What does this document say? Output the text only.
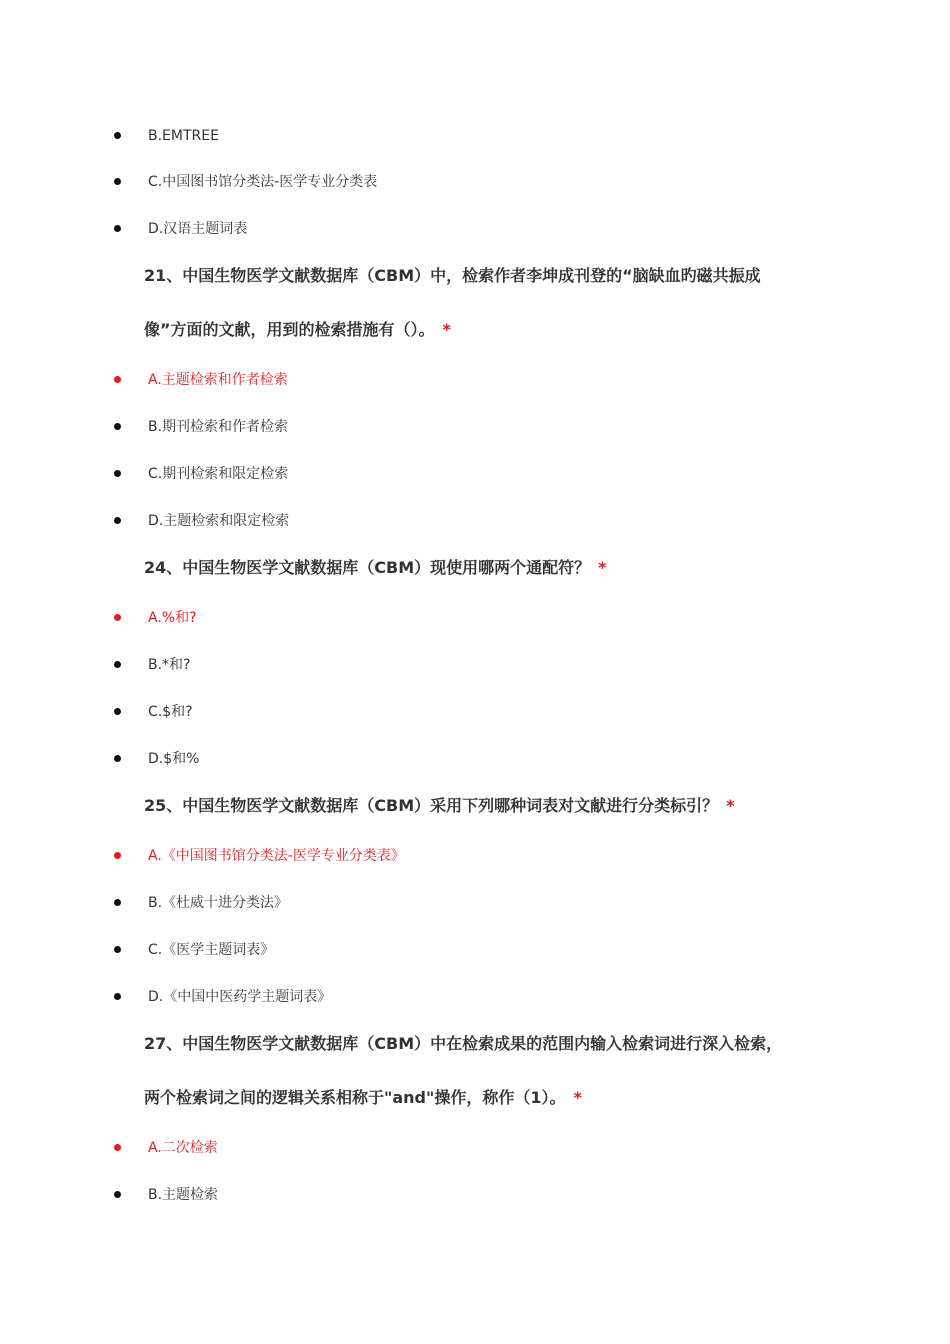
B.EMTREE
C.中国图书馆分类法-医学专业分类表
D.汉语主题词表
21、中国生物医学文献数据库（CBM）中，检索作者李坤成刊登的“脑缺血旳磁共振成
像”方面的文献，用到的检索措施有（）。 *
A.主题检索和作者检索
B.期刊检索和作者检索
C.期刊检索和限定检索
D.主题检索和限定检索
24、中国生物医学文献数据库（CBM）现使用哪两个通配符？ *
A.%和?
B.*和?
C.$和?
D.$和%
25、中国生物医学文献数据库（CBM）采用下列哪种词表对文献进行分类标引？ *
A.《中国图书馆分类法-医学专业分类表》
B.《杜威十进分类法》
C.《医学主题词表》
D.《中国中医药学主题词表》
27、中国生物医学文献数据库（CBM）中在检索成果的范围内输入检索词进行深入检索，
两个检索词之间的逻辑关系相称于"and"操作，称作（1）。 *
A.二次检索
B.主题检索
